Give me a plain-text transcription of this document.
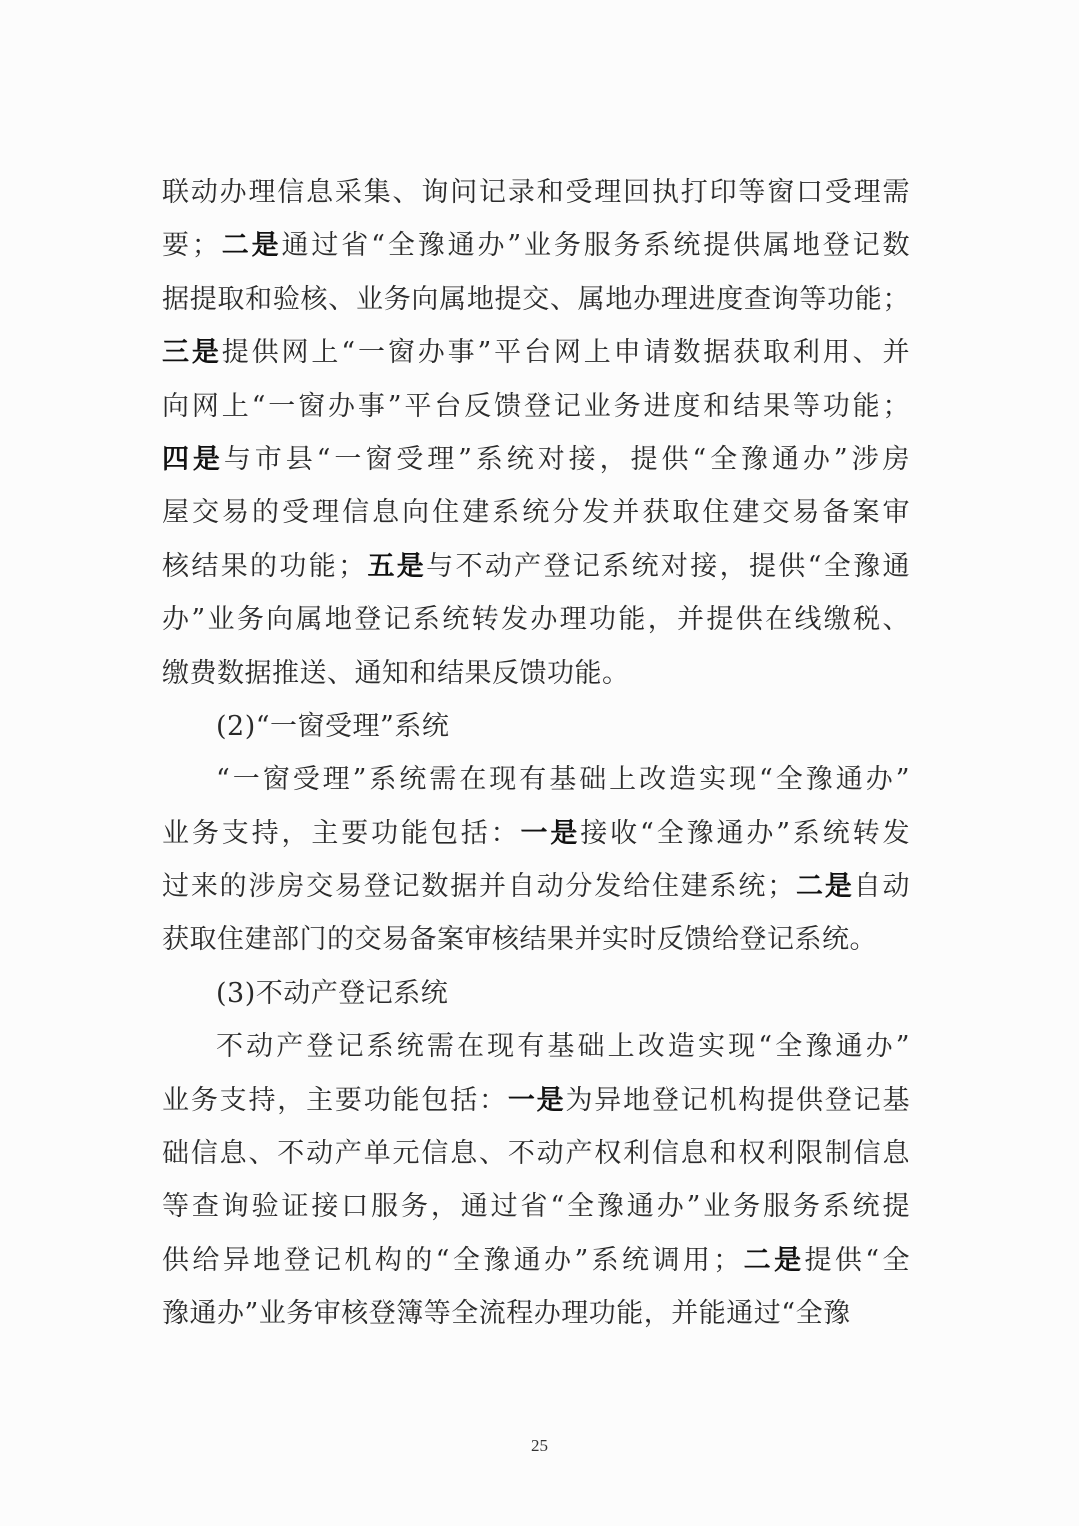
联动办理信息采集、询问记录和受理回执打印等窗口受理需
要；二是通过省“全豫通办”业务服务系统提供属地登记数
据提取和验核、业务向属地提交、属地办理进度查询等功能；
三是提供网上“一窗办事”平台网上申请数据获取利用、并
向网上“一窗办事”平台反馈登记业务进度和结果等功能；
四是与市县“一窗受理”系统对接，提供“全豫通办”涉房
屋交易的受理信息向住建系统分发并获取住建交易备案审
核结果的功能；五是与不动产登记系统对接，提供“全豫通
办”业务向属地登记系统转发办理功能，并提供在线缴税、
缴费数据推送、通知和结果反馈功能。
(2)“一窗受理”系统
“一窗受理”系统需在现有基础上改造实现“全豫通办”
业务支持，主要功能包括：一是接收“全豫通办”系统转发
过来的涉房交易登记数据并自动分发给住建系统；二是自动
获取住建部门的交易备案审核结果并实时反馈给登记系统。
(3)不动产登记系统
不动产登记系统需在现有基础上改造实现“全豫通办”
业务支持，主要功能包括：一是为异地登记机构提供登记基
础信息、不动产单元信息、不动产权利信息和权利限制信息
等查询验证接口服务，通过省“全豫通办”业务服务系统提
供给异地登记机构的“全豫通办”系统调用；二是提供“全
豫通办”业务审核登簿等全流程办理功能，并能通过“全豫
25
